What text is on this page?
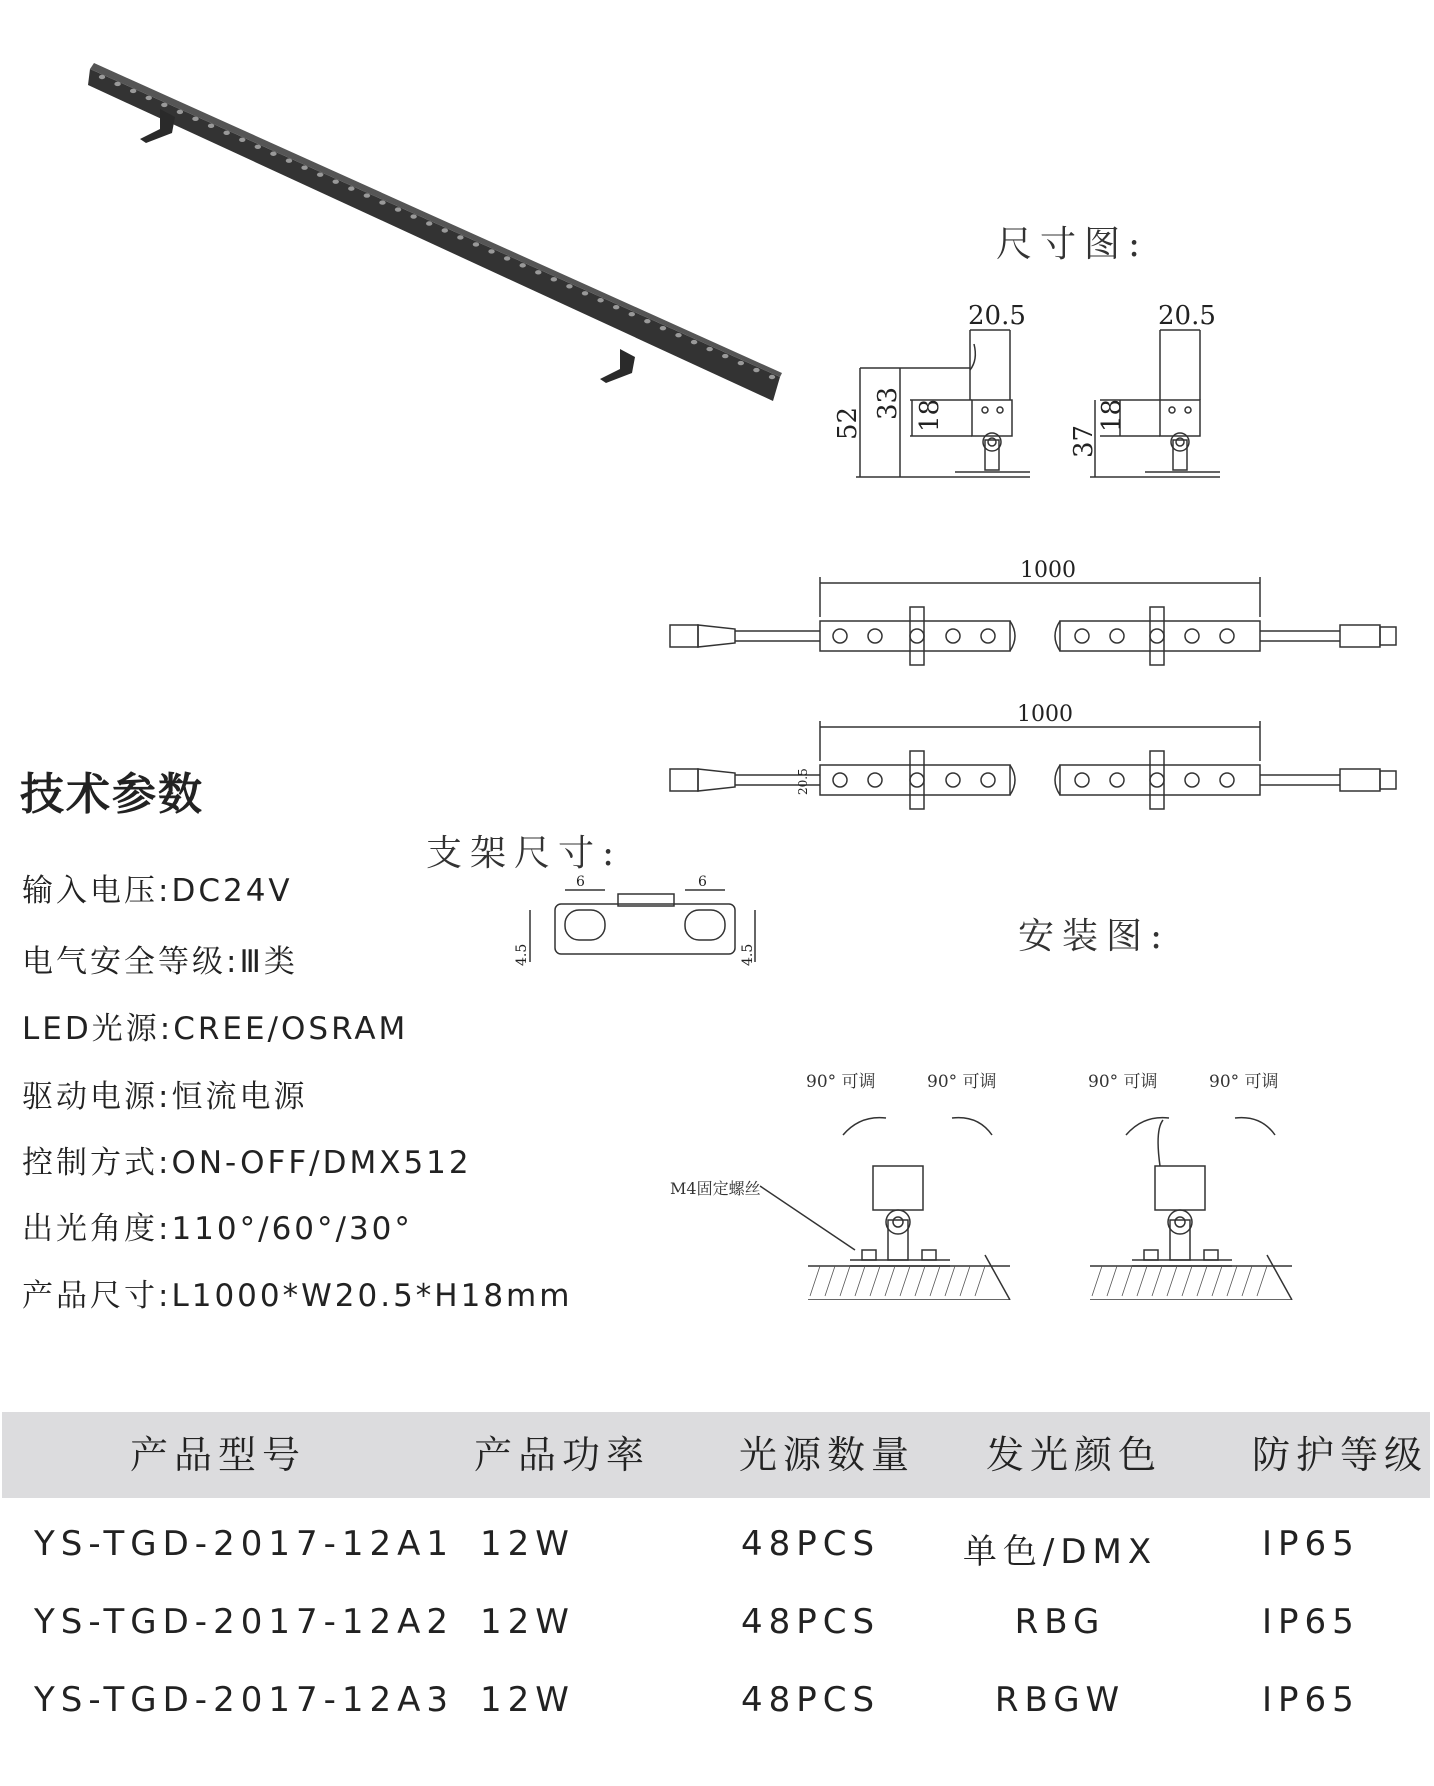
尺寸图:
20.5	20.5
52
33 18
37
18
1000
1000
20.5
技术参数
输入电压:DC24V
电气安全等级:Ⅲ类
LED光源:CREE/OSRAM
驱动电源:恒流电源
控制方式:ON-OFF/DMX512
出光角度:110°/60°/30°
产品尺寸:L1000*W20.5*H18mm
支架尺寸:
6	6
4.5	4.5	安装图:
90° 可调	90° 可调	90° 可调	90° 可调
M4固定螺丝
产品型号	产品功率 光源数量 发光颜色 防护等级
YS-TGD-2017-12A1 12W	48PCS 单色/DMX	IP65
YS-TGD-2017-12A2 12W	48PCS	RBG	IP65
YS-TGD-2017-12A3 12W	48PCS	RBGW	IP65
